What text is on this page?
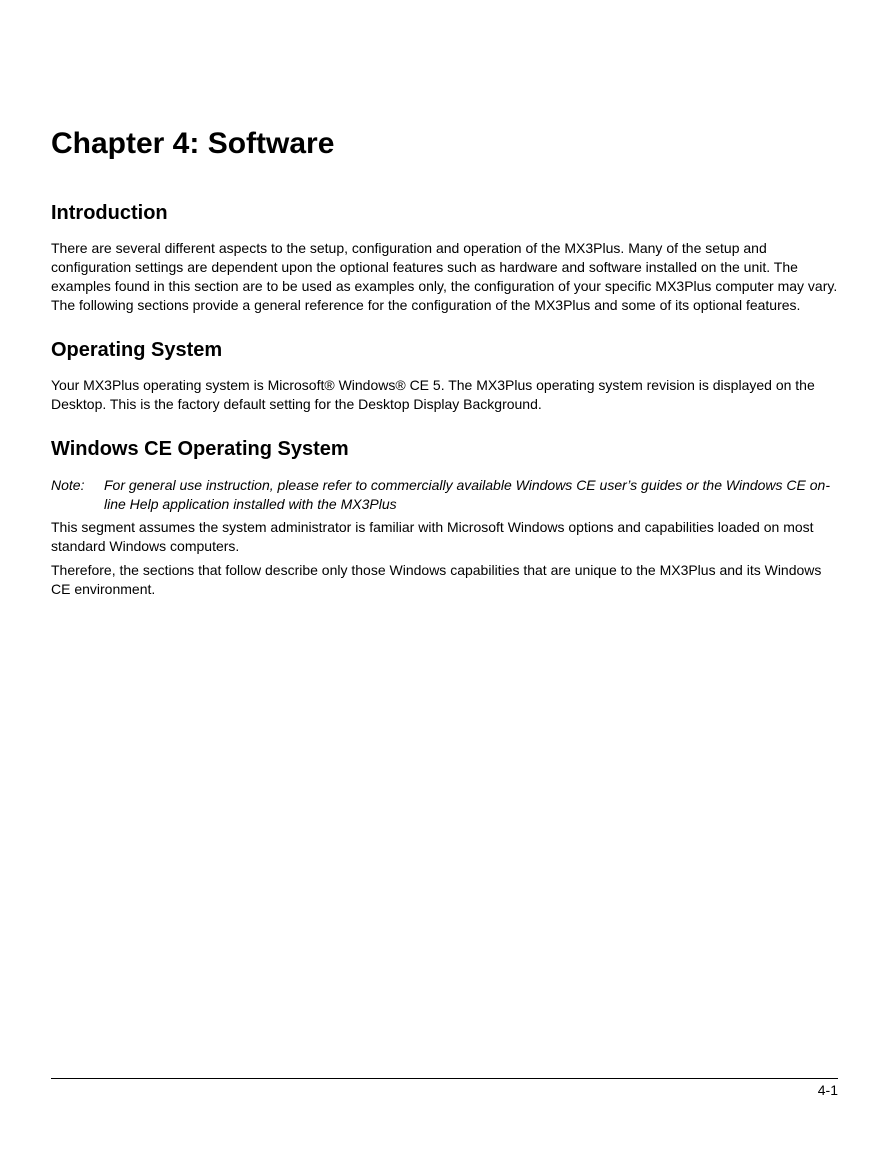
Chapter 4: Software
Introduction

There are several different aspects to the setup, configuration and operation of the MX3Plus. Many of the setup and configuration settings are dependent upon the optional features such as hardware and software installed on the unit. The examples found in this section are to be used as examples only, the configuration of your specific MX3Plus computer may vary. The following sections provide a general reference for the configuration of the MX3Plus and some of its optional features.

Operating System

Your MX3Plus operating system is Microsoft® Windows® CE 5. The MX3Plus operating system revision is displayed on the Desktop. This is the factory default setting for the Desktop Display Background.

Windows CE Operating System
Note:	For general use instruction, please refer to commercially available Windows CE user’s guides or the Windows CE on-line Help application installed with the MX3Plus

This segment assumes the system administrator is familiar with Microsoft Windows options and capabilities loaded on most standard Windows computers.

Therefore, the sections that follow describe only those Windows capabilities that are unique to the MX3Plus and its Windows CE environment.

4-1
